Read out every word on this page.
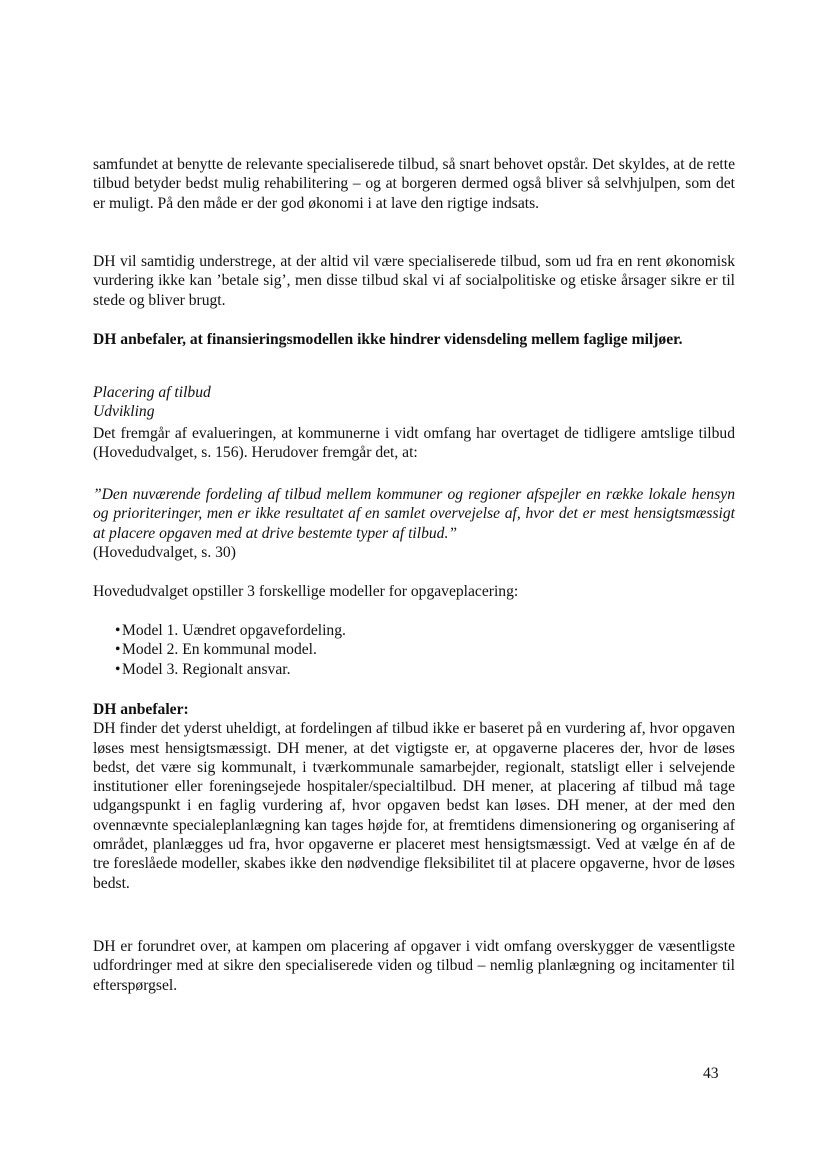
samfundet at benytte de relevante specialiserede tilbud, så snart behovet opstår. Det skyldes, at de rette tilbud betyder bedst mulig rehabilitering – og at borgeren dermed også bliver så selvhjulpen, som det er muligt. På den måde er der god økonomi i at lave den rigtige indsats.

DH vil samtidig understrege, at der altid vil være specialiserede tilbud, som ud fra en rent økonomisk vurdering ikke kan ’betale sig’, men disse tilbud skal vi af socialpolitiske og etiske årsager sikre er til stede og bliver brugt.

DH anbefaler, at finansieringsmodellen ikke hindrer vidensdeling mellem faglige miljøer.

Placering af tilbud

Udvikling

Det fremgår af evalueringen, at kommunerne i vidt omfang har overtaget de tidligere amtslige tilbud (Hovedudvalget, s. 156). Herudover fremgår det, at:

”Den nuværende fordeling af tilbud mellem kommuner og regioner afspejler en række lokale hensyn og prioriteringer, men er ikke resultatet af en samlet overvejelse af, hvor det er mest hensigtsmæssigt at placere opgaven med at drive bestemte typer af tilbud.”

(Hovedudvalget, s. 30)

Hovedudvalget opstiller 3 forskellige modeller for opgaveplacering:

Model 1. Uændret opgavefordeling.
Model 2. En kommunal model.
Model 3. Regionalt ansvar.

DH anbefaler:

DH finder det yderst uheldigt, at fordelingen af tilbud ikke er baseret på en vurdering af, hvor opgaven løses mest hensigtsmæssigt. DH mener, at det vigtigste er, at opgaverne placeres der, hvor de løses bedst, det være sig kommunalt, i tværkommunale samarbejder, regionalt, statsligt eller i selvejende institutioner eller foreningsejede hospitaler/specialtilbud. DH mener, at placering af tilbud må tage udgangspunkt i en faglig vurdering af, hvor opgaven bedst kan løses. DH mener, at der med den ovennævnte specialeplanlægning kan tages højde for, at fremtidens dimensionering og organisering af området, planlægges ud fra, hvor opgaverne er placeret mest hensigtsmæssigt. Ved at vælge én af de tre foreslåede modeller, skabes ikke den nødvendige fleksibilitet til at placere opgaverne, hvor de løses bedst.

DH er forundret over, at kampen om placering af opgaver i vidt omfang overskygger de væsentligste udfordringer med at sikre den specialiserede viden og tilbud – nemlig planlægning og incitamenter til efterspørgsel.

43
